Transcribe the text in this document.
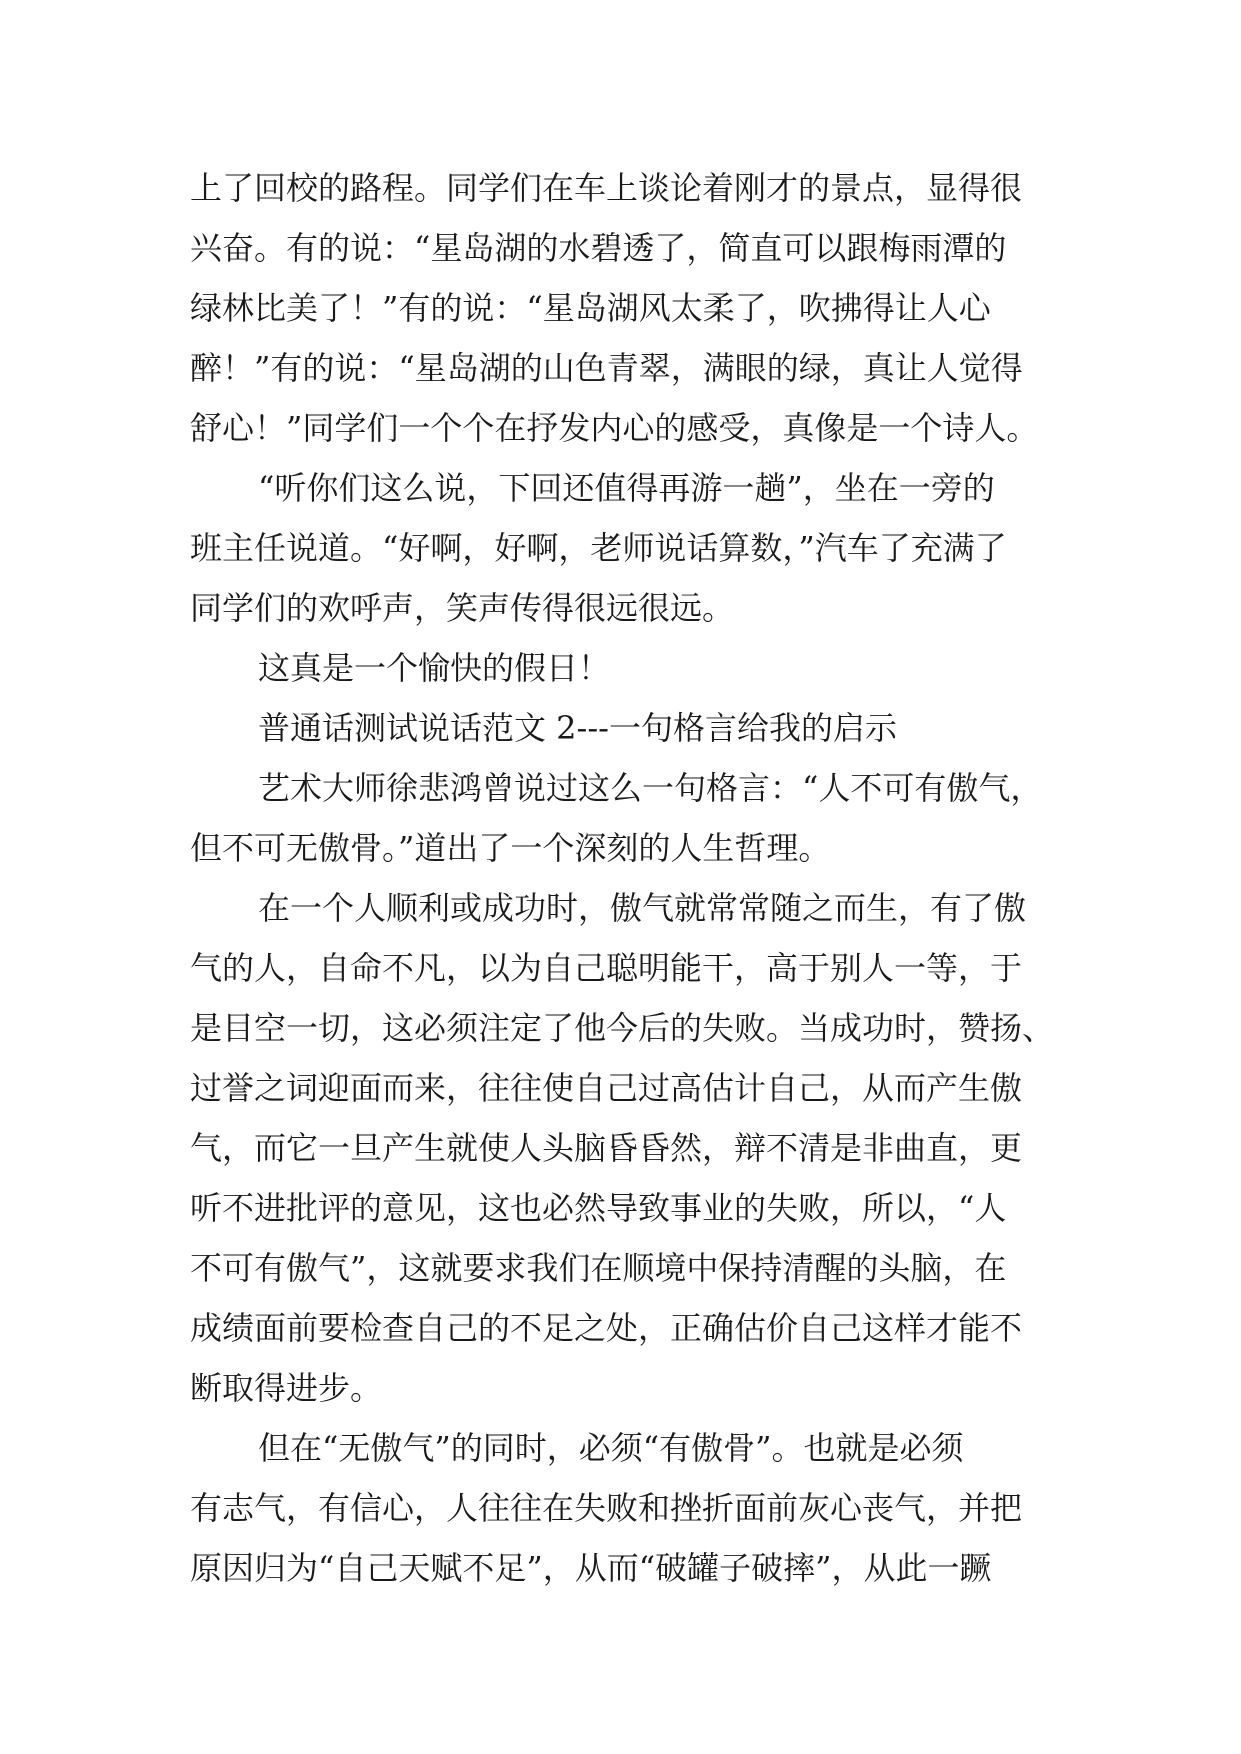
上了回校的路程。同学们在车上谈论着刚才的景点，显得很
兴奋。有的说：“星岛湖的水碧透了，简直可以跟梅雨潭的
绿林比美了！”有的说：“星岛湖风太柔了，吹拂得让人心
醉！”有的说：“星岛湖的山色青翠，满眼的绿，真让人觉得
舒心！”同学们一个个在抒发内心的感受，真像是一个诗人。
“听你们这么说，下回还值得再游一趟”，坐在一旁的
班主任说道。“好啊，好啊，老师说话算数，”汽车了充满了
同学们的欢呼声，笑声传得很远很远。
这真是一个愉快的假日！
普通话测试说话范文 2---一句格言给我的启示
艺术大师徐悲鸿曾说过这么一句格言：“人不可有傲气，
但不可无傲骨。”道出了一个深刻的人生哲理。
在一个人顺利或成功时，傲气就常常随之而生，有了傲
气的人，自命不凡，以为自己聪明能干，高于别人一等，于
是目空一切，这必须注定了他今后的失败。当成功时，赞扬、
过誉之词迎面而来，往往使自己过高估计自己，从而产生傲
气，而它一旦产生就使人头脑昏昏然，辩不清是非曲直，更
听不进批评的意见，这也必然导致事业的失败，所以，“人
不可有傲气”，这就要求我们在顺境中保持清醒的头脑，在
成绩面前要检查自己的不足之处，正确估价自己这样才能不
断取得进步。
但在“无傲气”的同时，必须“有傲骨”。也就是必须
有志气，有信心，人往往在失败和挫折面前灰心丧气，并把
原因归为“自己天赋不足”，从而“破罐子破摔”，从此一蹶
